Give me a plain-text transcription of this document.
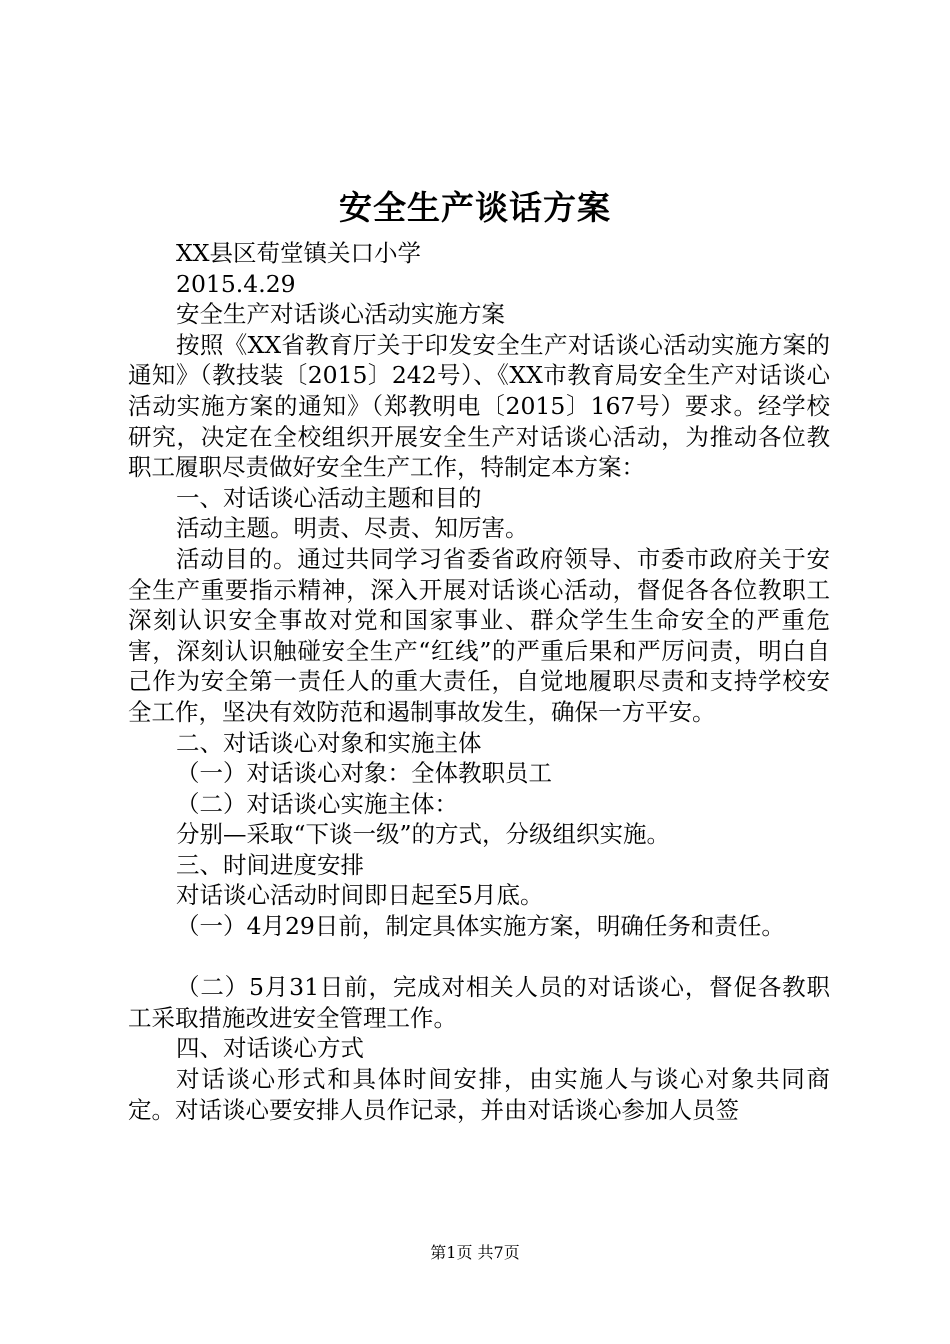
安全生产谈话方案

XX县区荀堂镇关口小学

2015.4.29

安全生产对话谈心活动实施方案

按照《XX省教育厅关于印发安全生产对话谈心活动实施方案的通知》（教技装〔2015〕242号）、《XX市教育局安全生产对话谈心活动实施方案的通知》（郑教明电〔2015〕167号）要求。经学校研究，决定在全校组织开展安全生产对话谈心活动，为推动各位教职工履职尽责做好安全生产工作，特制定本方案：

一、对话谈心活动主题和目的

活动主题。明责、尽责、知厉害。

活动目的。通过共同学习省委省政府领导、市委市政府关于安全生产重要指示精神，深入开展对话谈心活动，督促各各位教职工深刻认识安全事故对党和国家事业、群众学生生命安全的严重危害，深刻认识触碰安全生产“红线”的严重后果和严厉问责，明白自己作为安全第一责任人的重大责任，自觉地履职尽责和支持学校安全工作，坚决有效防范和遏制事故发生，确保一方平安。

二、对话谈心对象和实施主体

（一）对话谈心对象：全体教职员工

（二）对话谈心实施主体：

分别—采取“下谈一级”的方式，分级组织实施。

三、时间进度安排

对话谈心活动时间即日起至5月底。

（一）4月29日前，制定具体实施方案，明确任务和责任。

（二）5月31日前，完成对相关人员的对话谈心，督促各教职工采取措施改进安全管理工作。

四、对话谈心方式

对话谈心形式和具体时间安排，由实施人与谈心对象共同商定。对话谈心要安排人员作记录，并由对话谈心参加人员签

第1页 共7页
